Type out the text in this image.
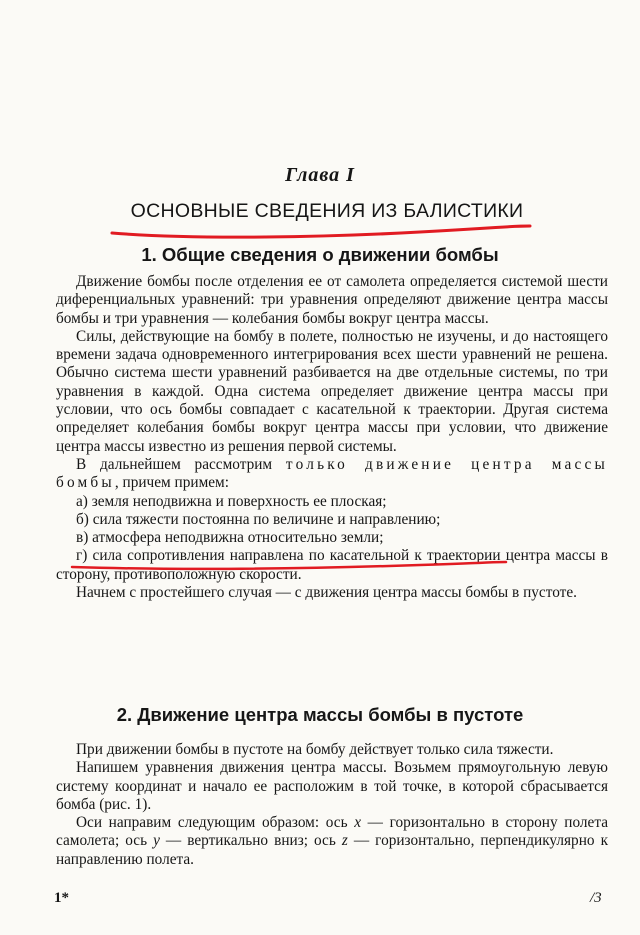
Глава I
ОСНОВНЫЕ СВЕДЕНИЯ ИЗ БАЛИСТИКИ
1. Общие сведения о движении бомбы

Движение бомбы после отделения ее от самолета определяется системой шести диференциальных уравнений: три уравнения определяют движение центра массы бомбы и три уравнения — колебания бомбы вокруг центра массы.

Силы, действующие на бомбу в полете, полностью не изучены, и до настоящего времени задача одновременного интегрирования всех шести уравнений не решена. Обычно система шести уравнений разбивается на две отдельные системы, по три уравнения в каждой. Одна система определяет движение центра массы при условии, что ось бомбы совпадает с касательной к траектории. Другая система определяет колебания бомбы вокруг центра массы при условии, что движение центра массы известно из решения первой системы.

В дальнейшем рассмотрим только движение центра массы бомбы, причем примем:

а) земля неподвижна и поверхность ее плоская;

б) сила тяжести постоянна по величине и направлению;

в) атмосфера неподвижна относительно земли;

г) сила сопротивления направлена по касательной к траектории центра массы в сторону, противоположную скорости.

Начнем с простейшего случая — с движения центра массы бомбы в пустоте.

2. Движение центра массы бомбы в пустоте

При движении бомбы в пустоте на бомбу действует только сила тяжести.

Напишем уравнения движения центра массы. Возьмем прямоугольную левую систему координат и начало ее расположим в той точке, в которой сбрасывается бомба (рис. 1).

Оси направим следующим образом: ось x — горизонтально в сторону полета самолета; ось y — вертикально вниз; ось z — горизонтально, перпендикулярно к направлению полета.

1*	/3
